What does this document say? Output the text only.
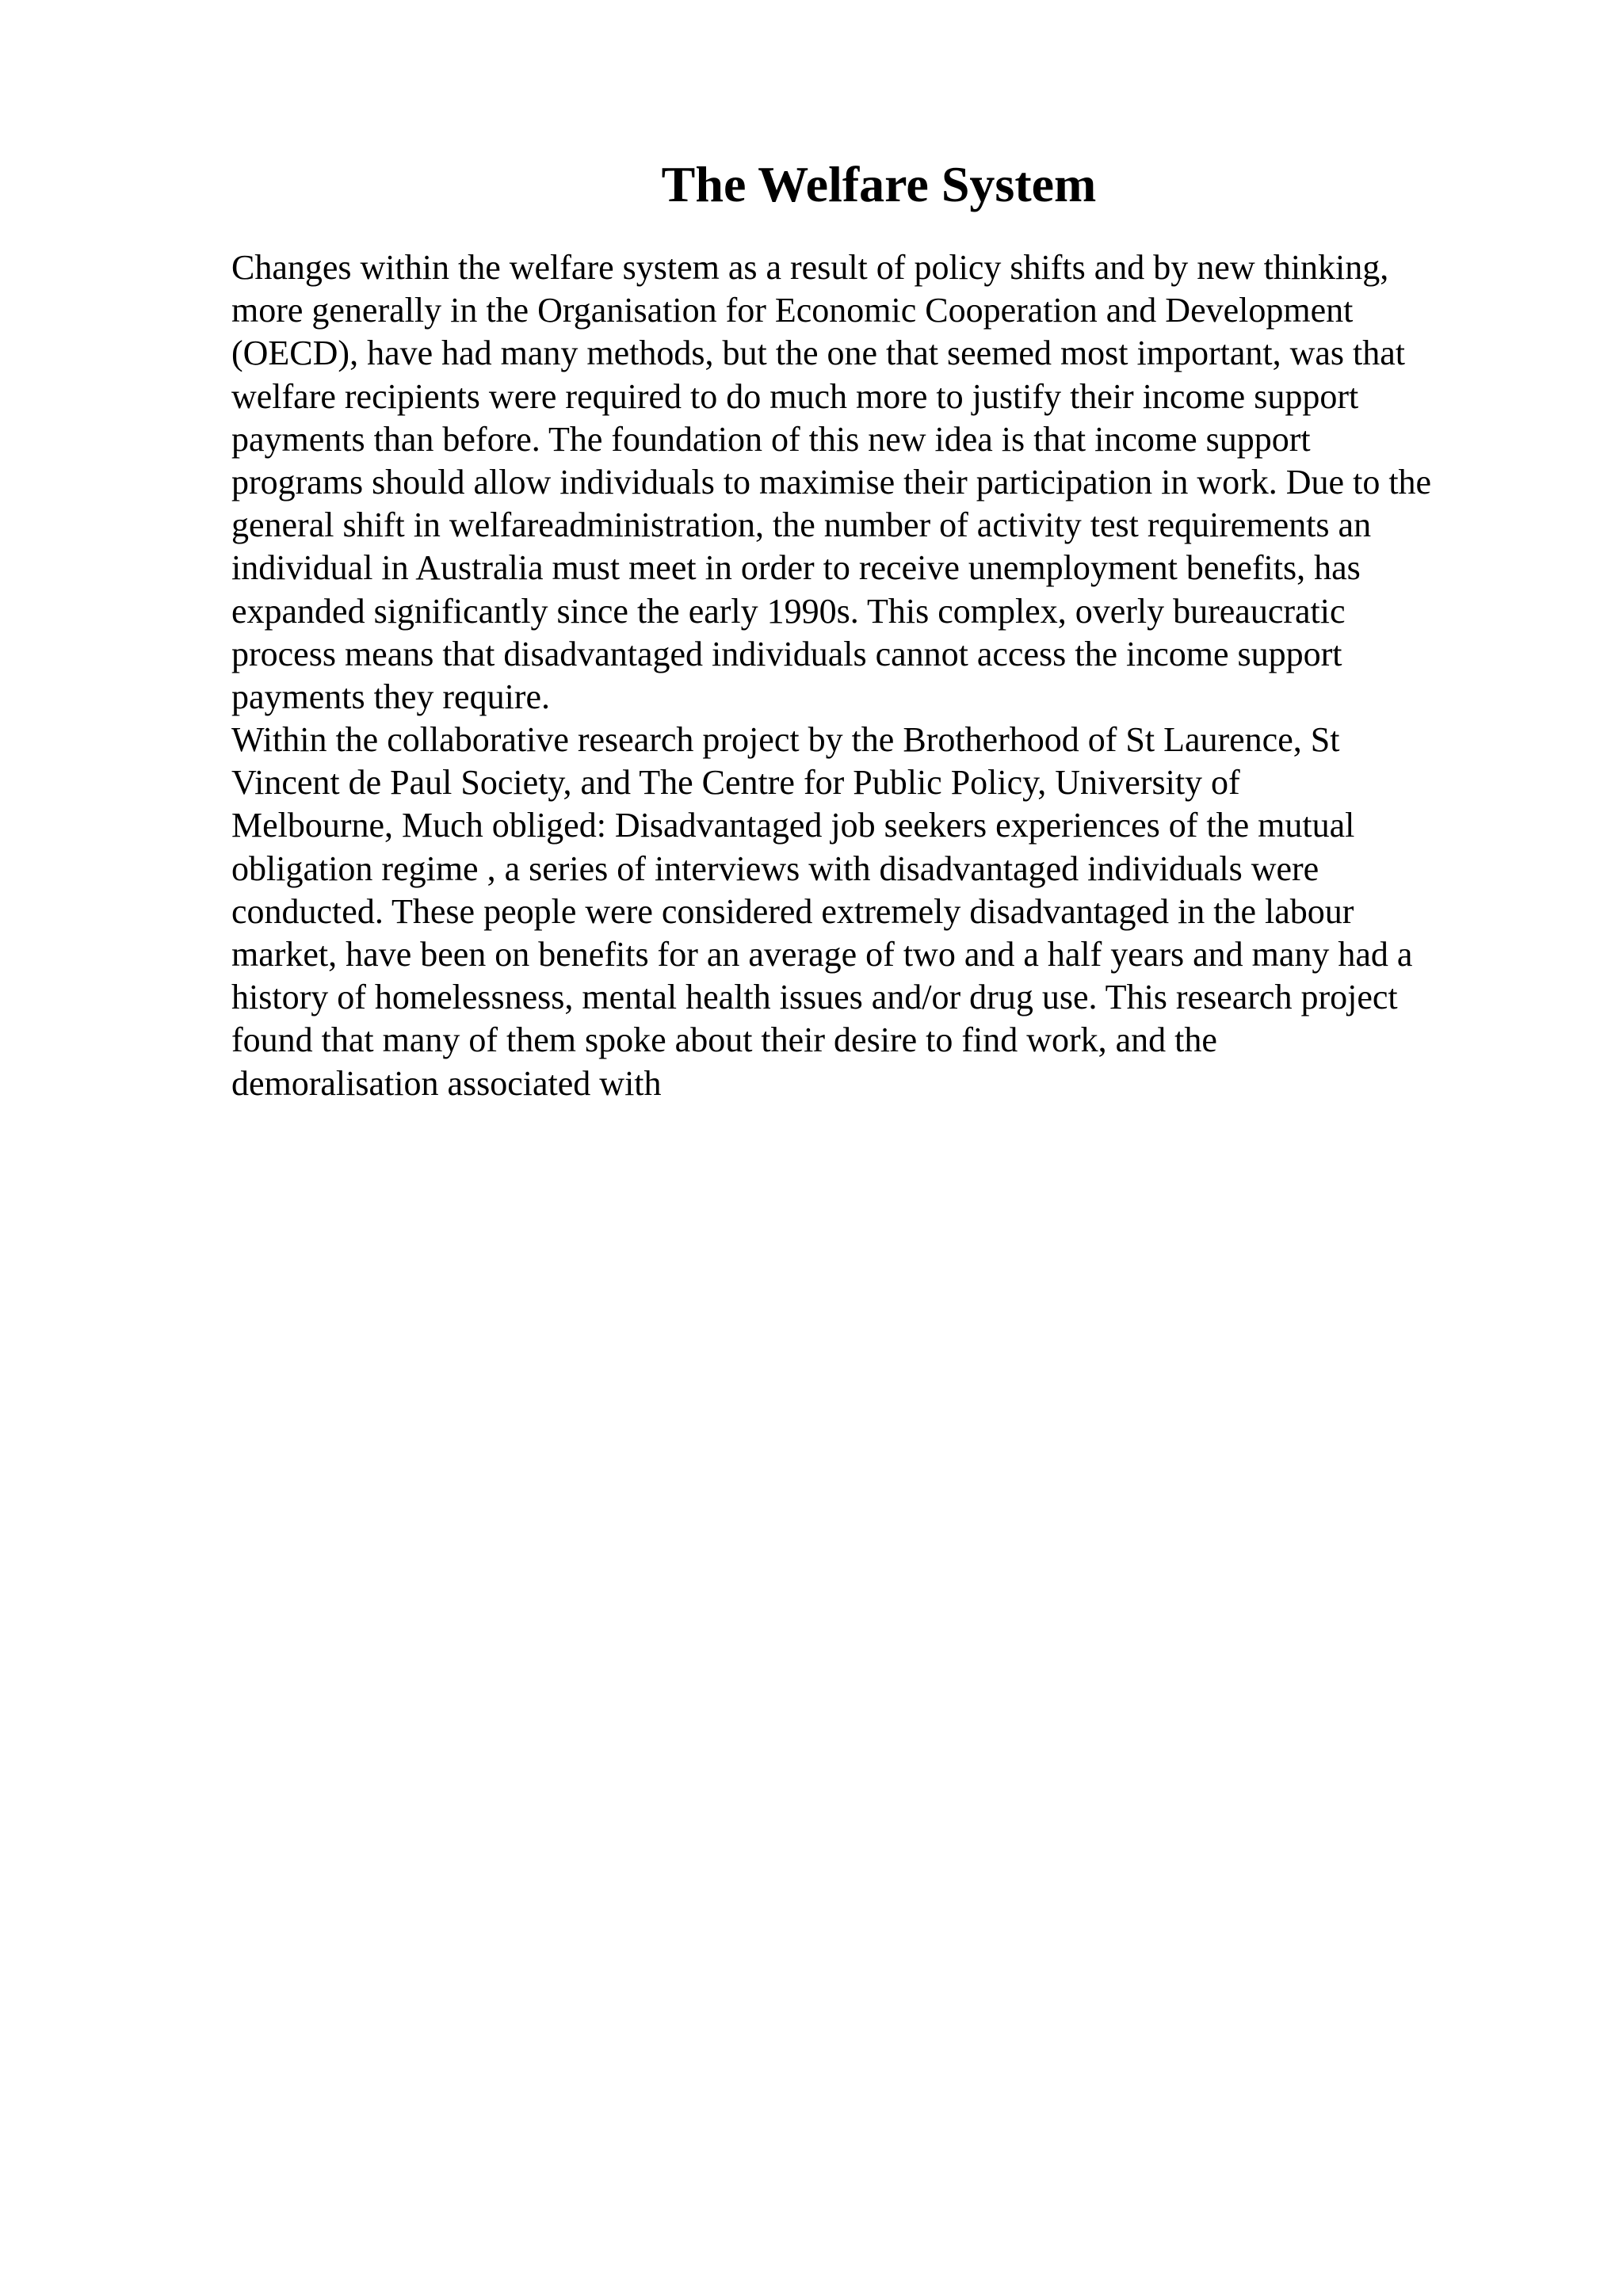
The Welfare System
Changes within the welfare system as a result of policy shifts and by new thinking,
more generally in the Organisation for Economic Cooperation and Development
(OECD), have had many methods, but the one that seemed most important, was that
welfare recipients were required to do much more to justify their income support
payments than before. The foundation of this new idea is that income support
programs should allow individuals to maximise their participation in work. Due to the
general shift in welfareadministration, the number of activity test requirements an
individual in Australia must meet in order to receive unemployment benefits, has
expanded significantly since the early 1990s. This complex, overly bureaucratic
process means that disadvantaged individuals cannot access the income support
payments they require.
Within the collaborative research project by the Brotherhood of St Laurence, St
Vincent de Paul Society, and The Centre for Public Policy, University of
Melbourne, Much obliged: Disadvantaged job seekers experiences of the mutual
obligation regime , a series of interviews with disadvantaged individuals were
conducted. These people were considered extremely disadvantaged in the labour
market, have been on benefits for an average of two and a half years and many had a
history of homelessness, mental health issues and/or drug use. This research project
found that many of them spoke about their desire to find work, and the
demoralisation associated with
